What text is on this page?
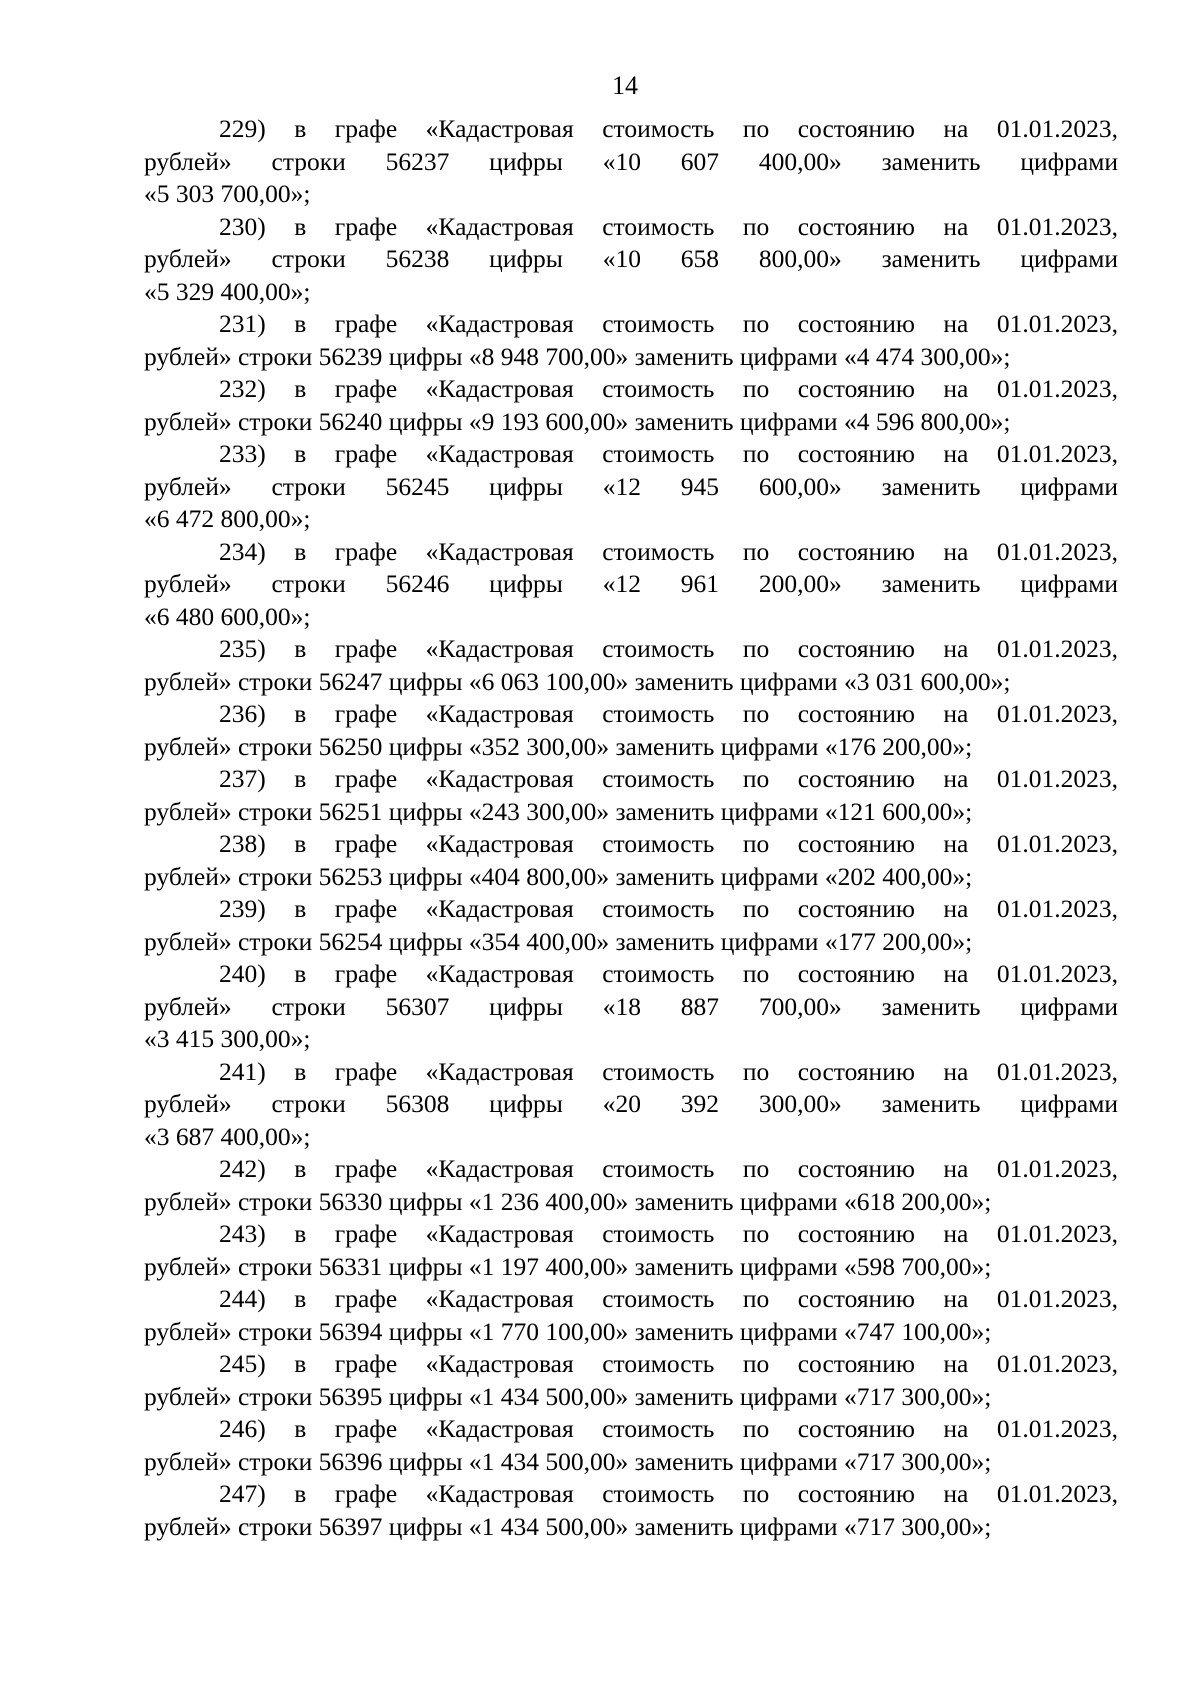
14
229) в графе «Кадастровая стоимость по состоянию на 01.01.2023,
рублей» строки 56237 цифры «10 607 400,00» заменить цифрами
«5 303 700,00»;
230) в графе «Кадастровая стоимость по состоянию на 01.01.2023,
рублей» строки 56238 цифры «10 658 800,00» заменить цифрами
«5 329 400,00»;
231) в графе «Кадастровая стоимость по состоянию на 01.01.2023,
рублей» строки 56239 цифры «8 948 700,00» заменить цифрами «4 474 300,00»;
232) в графе «Кадастровая стоимость по состоянию на 01.01.2023,
рублей» строки 56240 цифры «9 193 600,00» заменить цифрами «4 596 800,00»;
233) в графе «Кадастровая стоимость по состоянию на 01.01.2023,
рублей» строки 56245 цифры «12 945 600,00» заменить цифрами
«6 472 800,00»;
234) в графе «Кадастровая стоимость по состоянию на 01.01.2023,
рублей» строки 56246 цифры «12 961 200,00» заменить цифрами
«6 480 600,00»;
235) в графе «Кадастровая стоимость по состоянию на 01.01.2023,
рублей» строки 56247 цифры «6 063 100,00» заменить цифрами «3 031 600,00»;
236) в графе «Кадастровая стоимость по состоянию на 01.01.2023,
рублей» строки 56250 цифры «352 300,00» заменить цифрами «176 200,00»;
237) в графе «Кадастровая стоимость по состоянию на 01.01.2023,
рублей» строки 56251 цифры «243 300,00» заменить цифрами «121 600,00»;
238) в графе «Кадастровая стоимость по состоянию на 01.01.2023,
рублей» строки 56253 цифры «404 800,00» заменить цифрами «202 400,00»;
239) в графе «Кадастровая стоимость по состоянию на 01.01.2023,
рублей» строки 56254 цифры «354 400,00» заменить цифрами «177 200,00»;
240) в графе «Кадастровая стоимость по состоянию на 01.01.2023,
рублей» строки 56307 цифры «18 887 700,00» заменить цифрами
«3 415 300,00»;
241) в графе «Кадастровая стоимость по состоянию на 01.01.2023,
рублей» строки 56308 цифры «20 392 300,00» заменить цифрами
«3 687 400,00»;
242) в графе «Кадастровая стоимость по состоянию на 01.01.2023,
рублей» строки 56330 цифры «1 236 400,00» заменить цифрами «618 200,00»;
243) в графе «Кадастровая стоимость по состоянию на 01.01.2023,
рублей» строки 56331 цифры «1 197 400,00» заменить цифрами «598 700,00»;
244) в графе «Кадастровая стоимость по состоянию на 01.01.2023,
рублей» строки 56394 цифры «1 770 100,00» заменить цифрами «747 100,00»;
245) в графе «Кадастровая стоимость по состоянию на 01.01.2023,
рублей» строки 56395 цифры «1 434 500,00» заменить цифрами «717 300,00»;
246) в графе «Кадастровая стоимость по состоянию на 01.01.2023,
рублей» строки 56396 цифры «1 434 500,00» заменить цифрами «717 300,00»;
247) в графе «Кадастровая стоимость по состоянию на 01.01.2023,
рублей» строки 56397 цифры «1 434 500,00» заменить цифрами «717 300,00»;
